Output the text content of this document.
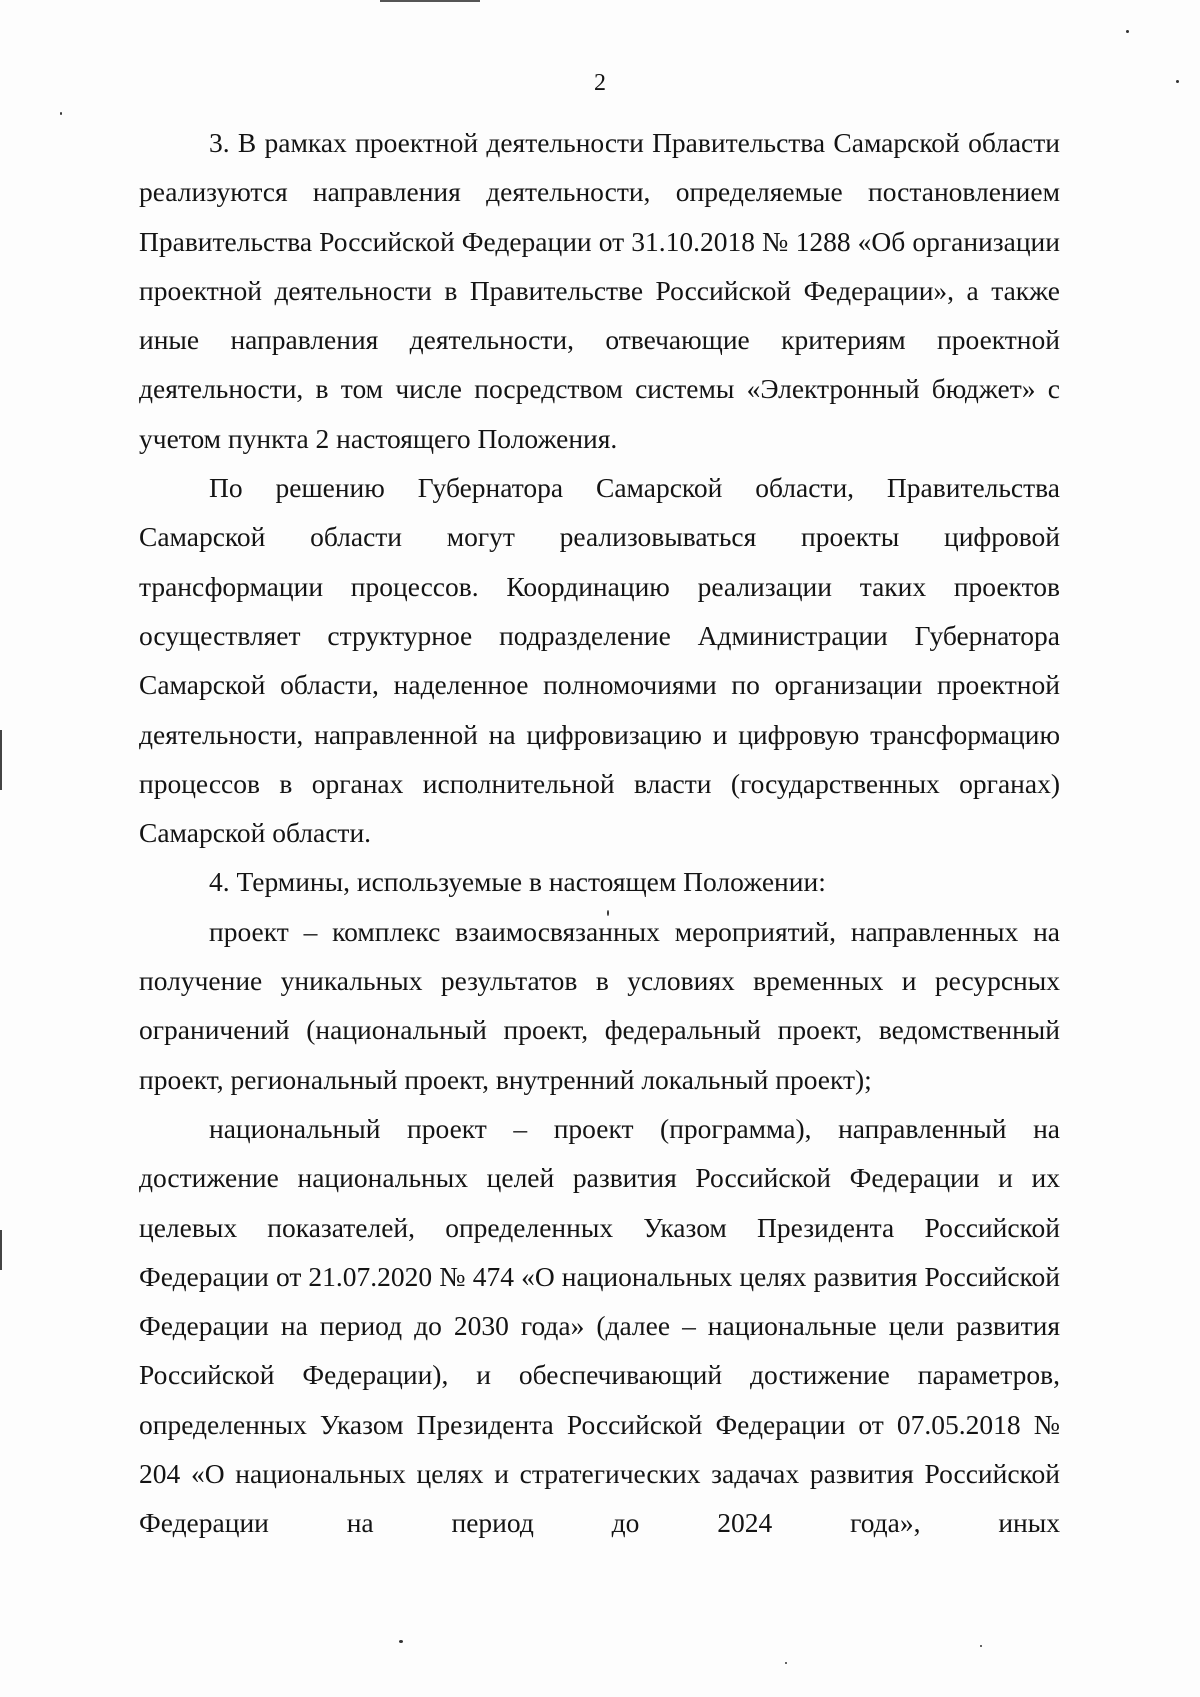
2

3. В рамках проектной деятельности Правительства Самарской области реализуются направления деятельности, определяемые постановлением Правительства Российской Федерации от 31.10.2018 № 1288 «Об организации проектной деятельности в Правительстве Российской Федерации», а также иные направления деятельности, отвечающие критериям проектной деятельности, в том числе посредством системы «Электронный бюджет» с учетом пункта 2 настоящего Положения.

По решению Губернатора Самарской области, Правительства Самарской области могут реализовываться проекты цифровой трансформации процессов. Координацию реализации таких проектов осуществляет структурное подразделение Администрации Губернатора Самарской области, наделенное полномочиями по организации проектной деятельности, направленной на цифровизацию и цифровую трансформацию процессов в органах исполнительной власти (государственных органах) Самарской области.

4. Термины, используемые в настоящем Положении:

проект – комплекс взаимосвязанных мероприятий, направленных на получение уникальных результатов в условиях временных и ресурсных ограничений (национальный проект, федеральный проект, ведомственный проект, региональный проект, внутренний локальный проект);

национальный проект – проект (программа), направленный на достижение национальных целей развития Российской Федерации и их целевых показателей, определенных Указом Президента Российской Федерации от 21.07.2020 № 474 «О национальных целях развития Российской Федерации на период до 2030 года» (далее – национальные цели развития Российской Федерации), и обеспечивающий достижение параметров, определенных Указом Президента Российской Федерации от 07.05.2018 № 204 «О национальных целях и стратегических задачах развития Российской Федерации на период до 2024 года», иных
